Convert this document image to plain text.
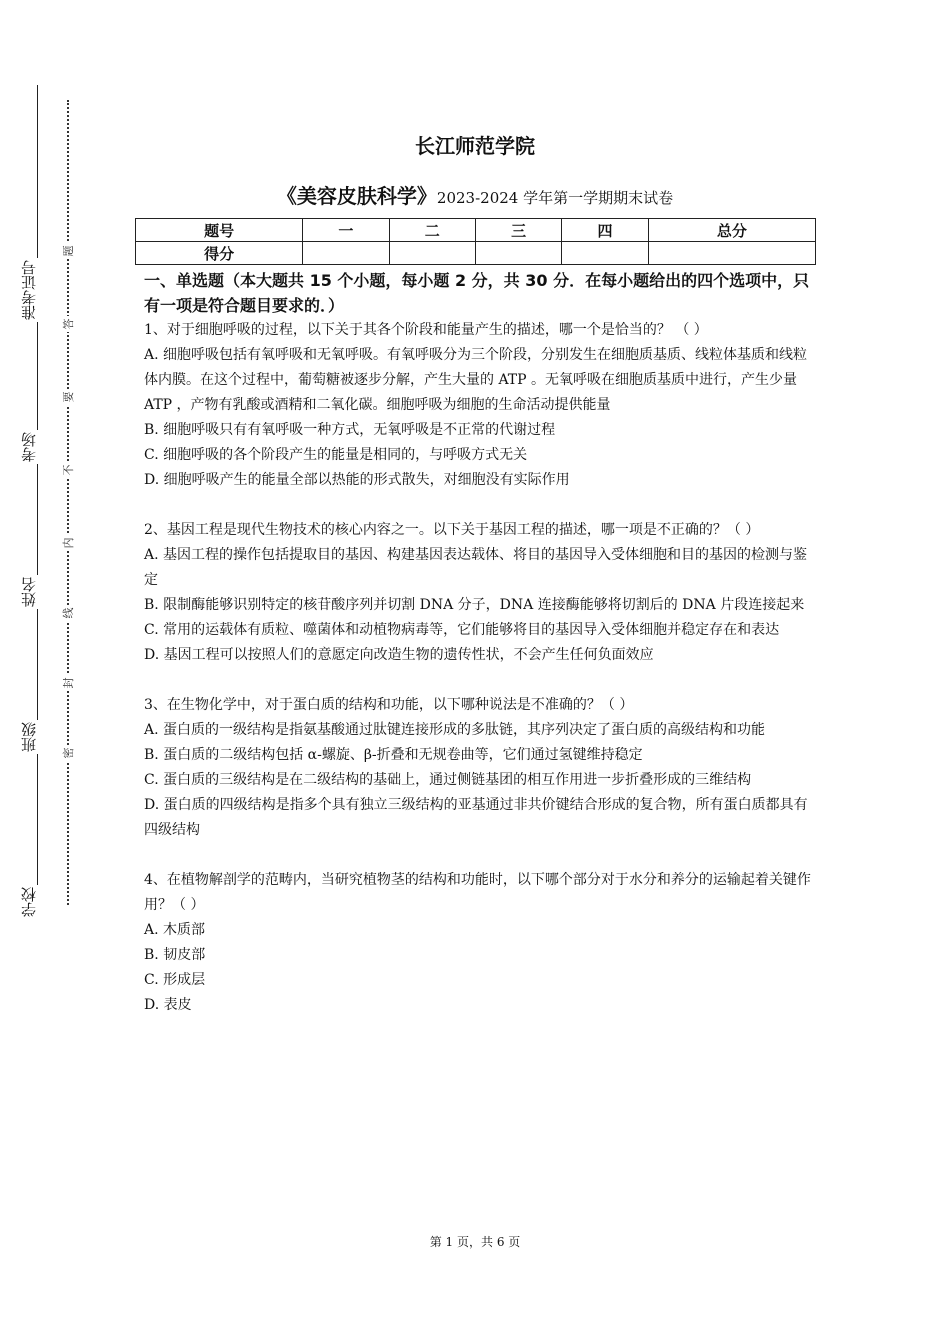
准考证号
考场
姓名
班级
学校
题
答
要
不
内
线
封
密
长江师范学院
《美容皮肤科学》2023-2024 学年第一学期期末试卷
题号	一	二	三	四	总分
得分					

一、单选题（本大题共 15 个小题，每小题 2 分，共 30 分．在每小题给出的四个选项中，只有一项是符合题目要求的．）

1、对于细胞呼吸的过程，以下关于其各个阶段和能量产生的描述，哪一个是恰当的？ （ ）

A. 细胞呼吸包括有氧呼吸和无氧呼吸。有氧呼吸分为三个阶段，分别发生在细胞质基质、线粒体基质和线粒体内膜。在这个过程中，葡萄糖被逐步分解，产生大量的 ATP 。无氧呼吸在细胞质基质中进行，产生少量 ATP ，产物有乳酸或酒精和二氧化碳。细胞呼吸为细胞的生命活动提供能量

B. 细胞呼吸只有有氧呼吸一种方式，无氧呼吸是不正常的代谢过程

C. 细胞呼吸的各个阶段产生的能量是相同的，与呼吸方式无关

D. 细胞呼吸产生的能量全部以热能的形式散失，对细胞没有实际作用

2、基因工程是现代生物技术的核心内容之一。以下关于基因工程的描述，哪一项是不正确的？（ ）

A. 基因工程的操作包括提取目的基因、构建基因表达载体、将目的基因导入受体细胞和目的基因的检测与鉴定

B. 限制酶能够识别特定的核苷酸序列并切割 DNA 分子，DNA 连接酶能够将切割后的 DNA 片段连接起来

C. 常用的运载体有质粒、噬菌体和动植物病毒等，它们能够将目的基因导入受体细胞并稳定存在和表达

D. 基因工程可以按照人们的意愿定向改造生物的遗传性状，不会产生任何负面效应

3、在生物化学中，对于蛋白质的结构和功能，以下哪种说法是不准确的？（ ）

A. 蛋白质的一级结构是指氨基酸通过肽键连接形成的多肽链，其序列决定了蛋白质的高级结构和功能

B. 蛋白质的二级结构包括 α-螺旋、β-折叠和无规卷曲等，它们通过氢键维持稳定

C. 蛋白质的三级结构是在二级结构的基础上，通过侧链基团的相互作用进一步折叠形成的三维结构

D. 蛋白质的四级结构是指多个具有独立三级结构的亚基通过非共价键结合形成的复合物，所有蛋白质都具有四级结构

4、在植物解剖学的范畴内，当研究植物茎的结构和功能时，以下哪个部分对于水分和养分的运输起着关键作用？（ ）

A. 木质部

B. 韧皮部

C. 形成层

D. 表皮

第 1 页，共 6 页
